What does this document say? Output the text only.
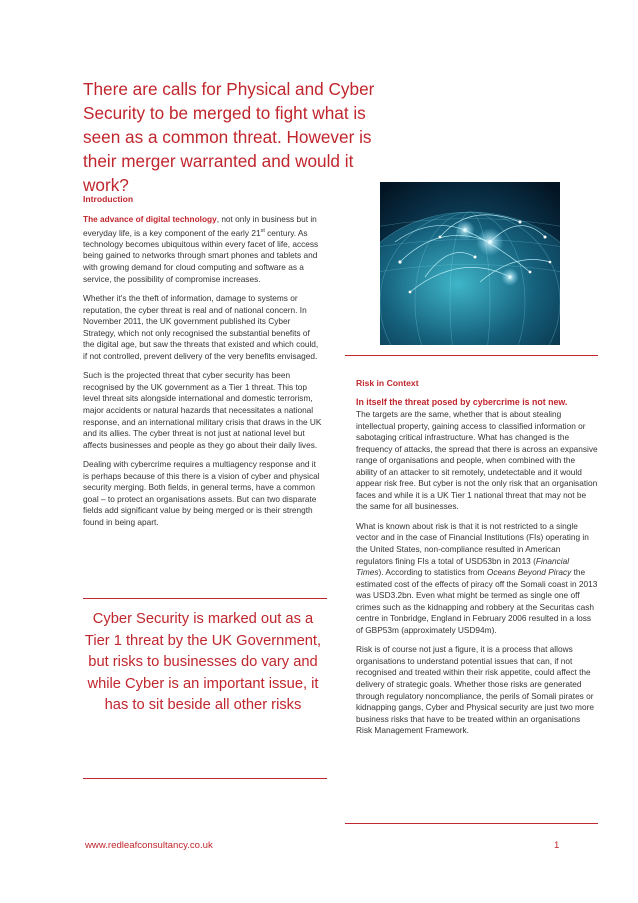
There are calls for Physical and Cyber Security to be merged to fight what is seen as a common threat. However is their merger warranted and would it work?
Introduction

The advance of digital technology, not only in business but in everyday life, is a key component of the early 21st century. As technology becomes ubiquitous within every facet of life, access being gained to networks through smart phones and tablets and with growing demand for cloud computing and software as a service, the possibility of compromise increases.

Whether it's the theft of information, damage to systems or reputation, the cyber threat is real and of national concern. In November 2011, the UK government published its Cyber Strategy, which not only recognised the substantial benefits of the digital age, but saw the threats that existed and which could, if not controlled, prevent delivery of the very benefits envisaged.

Such is the projected threat that cyber security has been recognised by the UK government as a Tier 1 threat. This top level threat sits alongside international and domestic terrorism, major accidents or natural hazards that necessitates a national response, and an international military crisis that draws in the UK and its allies. The cyber threat is not just at national level but affects businesses and people as they go about their daily lives.

Dealing with cybercrime requires a multiagency response and it is perhaps because of this there is a vision of cyber and physical security merging. Both fields, in general terms, have a common goal – to protect an organisations assets. But can two disparate fields add significant value by being merged or is their strength found in being apart.

Cyber Security is marked out as a Tier 1 threat by the UK Government, but risks to businesses do vary and while Cyber is an important issue, it has to sit beside all other risks

Risk in Context

In itself the threat posed by cybercrime is not new.

The targets are the same, whether that is about stealing intellectual property, gaining access to classified information or sabotaging critical infrastructure. What has changed is the frequency of attacks, the spread that there is across an expansive range of organisations and people, when combined with the ability of an attacker to sit remotely, undetectable and it would appear risk free. But cyber is not the only risk that an organisation faces and while it is a UK Tier 1 national threat that may not be the same for all businesses.

What is known about risk is that it is not restricted to a single vector and in the case of Financial Institutions (FIs) operating in the United States, non-compliance resulted in American regulators fining FIs a total of USD53bn in 2013 (Financial Times). According to statistics from Oceans Beyond Piracy the estimated cost of the effects of piracy off the Somali coast in 2013 was USD3.2bn. Even what might be termed as single one off crimes such as the kidnapping and robbery at the Securitas cash centre in Tonbridge, England in February 2006 resulted in a loss of GBP53m (approximately USD94m).

Risk is of course not just a figure, it is a process that allows organisations to understand potential issues that can, if not recognised and treated within their risk appetite, could affect the delivery of strategic goals. Whether those risks are generated through regulatory noncompliance, the perils of Somali pirates or kidnapping gangs, Cyber and Physical security are just two more business risks that have to be treated within an organisations Risk Management Framework.

www.redleafconsultancy.co.uk	1
